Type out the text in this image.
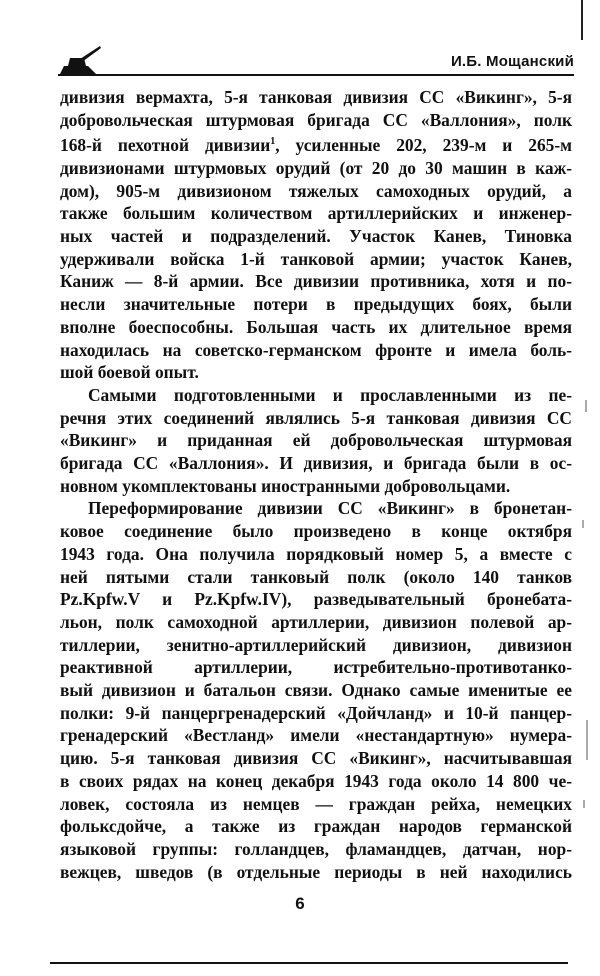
И.Б. Мощанский

дивизия вермахта, 5-я танковая дивизия СС «Викинг», 5-я
добровольческая штурмовая бригада СС «Валлония», полк
168-й пехотной дивизии$^1$, усиленные 202, 239-м и 265-м
дивизионами штурмовых орудий (от 20 до 30 машин в каж-
дом), 905-м дивизионом тяжелых самоходных орудий, а
также большим количеством артиллерийских и инженер-
ных частей и подразделений. Участок Канев, Тиновка
удерживали войска 1-й танковой армии; участок Канев,
Каниж — 8-й армии. Все дивизии противника, хотя и по-
несли значительные потери в предыдущих боях, были
вполне боеспособны. Большая часть их длительное время
находилась на советско-германском фронте и имела боль-
шой боевой опыт.

Самыми подготовленными и прославленными из пе-
речня этих соединений являлись 5-я танковая дивизия СС
«Викинг» и приданная ей добровольческая штурмовая
бригада СС «Валлония». И дивизия, и бригада были в ос-
новном укомплектованы иностранными добровольцами.

Переформирование дивизии СС «Викинг» в бронетан-
ковое соединение было произведено в конце октября
1943 года. Она получила порядковый номер 5, а вместе с
ней пятыми стали танковый полк (около 140 танков
Pz.Kpfw.V и Pz.Kpfw.IV), разведывательный бронебата-
льон, полк самоходной артиллерии, дивизион полевой ар-
тиллерии, зенитно-артиллерийский дивизион, дивизион
реактивной артиллерии, истребительно-противотанко-
вый дивизион и батальон связи. Однако самые именитые ее
полки: 9-й панцергренадерский «Дойчланд» и 10-й панцер-
гренадерский «Вестланд» имели «нестандартную» нумера-
цию. 5-я танковая дивизия СС «Викинг», насчитывавшая
в своих рядах на конец декабря 1943 года около 14 800 че-
ловек, состояла из немцев — граждан рейха, немецких
фольксдойче, а также из граждан народов германской
языковой группы: голландцев, фламандцев, датчан, нор-
вежцев, шведов (в отдельные периоды в ней находились

6
